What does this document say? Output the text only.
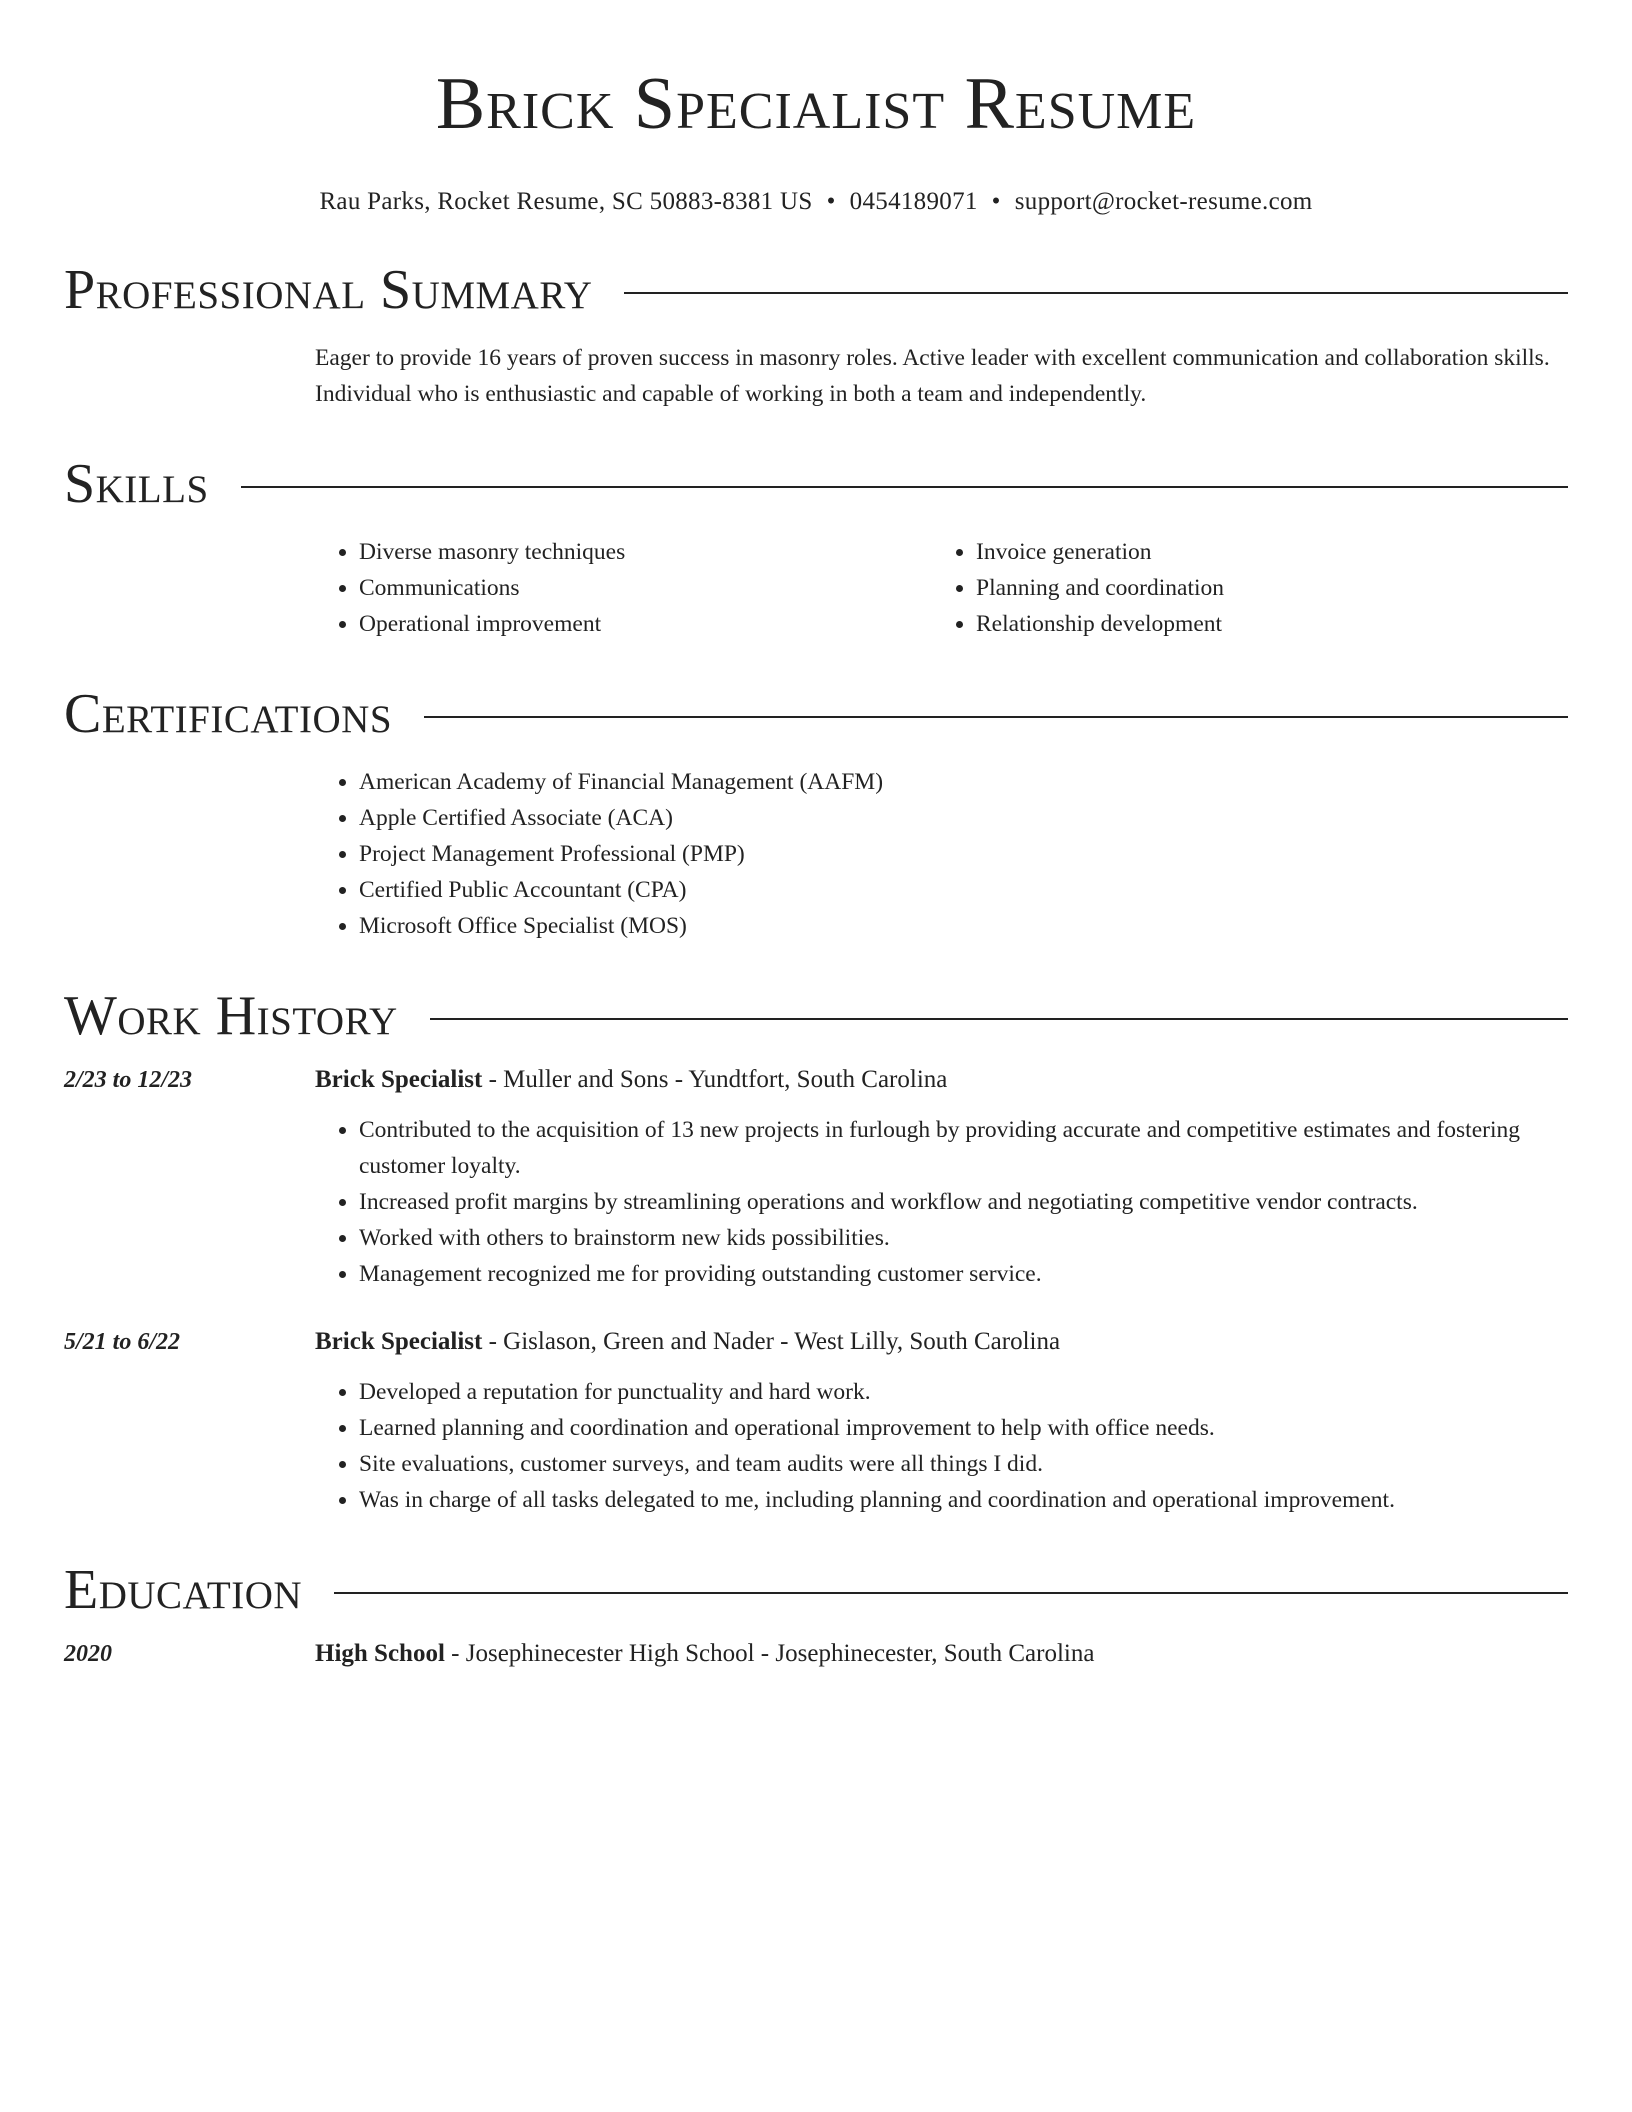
Brick Specialist Resume
Rau Parks, Rocket Resume, SC 50883-8381 US • 0454189071 • support@rocket-resume.com
Professional Summary
Eager to provide 16 years of proven success in masonry roles. Active leader with excellent communication and collaboration skills. Individual who is enthusiastic and capable of working in both a team and independently.
Skills
• Diverse masonry techniques
• Communications
• Operational improvement
• Invoice generation
• Planning and coordination
• Relationship development
Certifications
• American Academy of Financial Management (AAFM)
• Apple Certified Associate (ACA)
• Project Management Professional (PMP)
• Certified Public Accountant (CPA)
• Microsoft Office Specialist (MOS)
Work History
2/23 to 12/23	Brick Specialist - Muller and Sons - Yundtfort, South Carolina
• Contributed to the acquisition of 13 new projects in furlough by providing accurate and competitive estimates and fostering customer loyalty.
• Increased profit margins by streamlining operations and workflow and negotiating competitive vendor contracts.
• Worked with others to brainstorm new kids possibilities.
• Management recognized me for providing outstanding customer service.
5/21 to 6/22	Brick Specialist - Gislason, Green and Nader - West Lilly, South Carolina
• Developed a reputation for punctuality and hard work.
• Learned planning and coordination and operational improvement to help with office needs.
• Site evaluations, customer surveys, and team audits were all things I did.
• Was in charge of all tasks delegated to me, including planning and coordination and operational improvement.
Education
2020	High School - Josephinecester High School - Josephinecester, South Carolina
